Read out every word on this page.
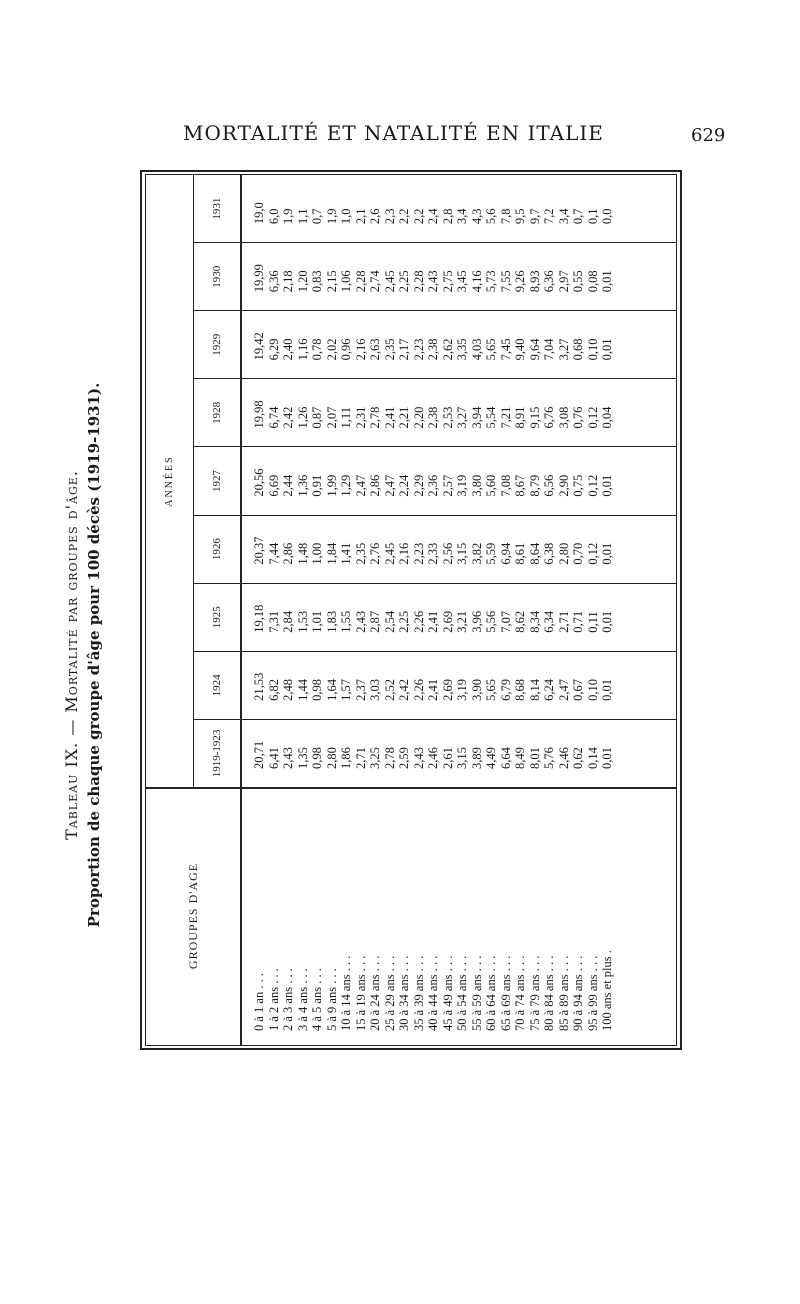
MORTALITÉ ET NATALITÉ EN ITALIE	629
Tableau IX. — Mortalité par groupes d'âge. Proportion de chaque groupe d'âge pour 100 décès (1919-1931).	GROUPES D'AGE
ANNÉES
1919-1923
1924
1925
1926
1927
1928
1929
1930
1931
0 à 1 an . . . 1 à 2 ans . . . 2 à 3 ans . . . 3 à 4 ans . . . 4 à 5 ans . . . 5 à 9 ans . . . 10 à 14 ans . . . 15 à 19 ans . . . 20 à 24 ans . . . 25 à 29 ans . . . 30 à 34 ans . . . 35 à 39 ans . . . 40 à 44 ans . . . 45 à 49 ans . . . 50 à 54 ans . . . 55 à 59 ans . . . 60 à 64 ans . . . 65 à 69 ans . . . 70 à 74 ans . . . 75 à 79 ans . . . 80 à 84 ans . . . 85 à 89 ans . . . 90 à 94 ans . . . 95 à 99 ans . . . 100 ans et plus .
20,71 6,41 2,43 1,35 0,98 2,80 1,86 2,71 3,25 2,78 2,59 2,43 2,46 2,61 3,15 3,89 4,49 6,64 8,49 8,01 5,76 2,46 0,62 0,14 0,01
21,53 6,82 2,48 1,44 0,98 1,64 1,57 2,37 3,03 2,52 2,42 2,26 2,41 2,69 3,19 3,90 5,65 6,79 8,68 8,14 6,24 2,47 0,67 0,10 0,01
19,18 7,31 2,84 1,53 1,01 1,83 1,55 2,43 2,87 2,54 2,25 2,26 2,41 2,69 3,21 3,96 5,56 7,07 8,62 8,34 6,34 2,71 0,71 0,11 0,01
20,37 7,44 2,86 1,48 1,00 1,84 1,41 2,35 2,76 2,45 2,16 2,23 2,33 2,56 3,15 3,82 5,59 6,94 8,61 8,64 6,38 2,80 0,70 0,12 0,01
20,56 6,69 2,44 1,36 0,91 1,99 1,29 2,47 2,86 2,47 2,24 2,29 2,36 2,57 3,19 3,80 5,60 7,08 8,67 8,79 6,56 2,90 0,75 0,12 0,01
19,98 6,74 2,42 1,26 0,87 2,07 1,11 2,31 2,78 2,41 2,21 2,20 2,38 2,53 3,27 3,94 5,54 7,21 8,91 9,15 6,76 3,08 0,76 0,12 0,04
19,42 6,29 2,40 1,16 0,78 2,02 0,96 2,16 2,63 2,35 2,17 2,23 2,38 2,62 3,35 4,03 5,65 7,45 9,40 9,64 7,04 3,27 0,68 0,10 0,01
19,99 6,36 2,18 1,20 0,83 2,15 1,06 2,28 2,74 2,45 2,25 2,28 2,43 2,75 3,45 4,16 5,73 7,55 9,26 8,93 6,36 2,97 0,55 0,08 0,01
19,0 6,0 1,9 1,1 0,7 1,9 1,0 2,1 2,6 2,3 2,2 2,2 2,4 2,8 3,4 4,3 5,6 7,8 9,5 9,7 7,2 3,4 0,7 0,1 0,0
